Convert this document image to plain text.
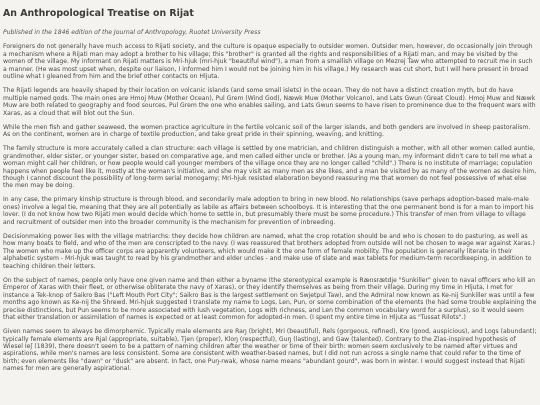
An Anthropological Treatise on Rijat

Published in the 1846 edition of the Journal of Anthropology, Ruotet University Press

Foreigners do not generally have much access to Rijati society, and the culture is opaque especially to outsider women. Outsider men, however, do occasionally join through a mechanism where a Rijati man may adopt a brother to his village; this "brother" is granted all the rights and responsibilities of a Rijati man, and may be visited by the women of the village. My informant on Rijati matters is Mri-hjuk (mri-hjuk "beautiful wind"), a man from a smallish village on Mezrej Taw who attempted to recruit me in such a manner. (He was most upset when, despite our liaison, I informed him I would not be joining him in his village.) My research was cut short, but I will here present in broad outline what I gleaned from him and the brief other contacts on Hljuta.

The Rijati legends are heavily shaped by their location on volcanic islands (and some small islets) in the ocean. They do not have a distinct creation myth, but do have multiple named gods. The main ones are Hmoj Muw (Mother Ocean), Pul Grem (Wind God), Næwk Muw (Mother Volcano), and Lats Gwun (Great Cloud). Hmoj Muw and Næwk Muw are both related to geography and food sources, Pul Grem the one who enables sailing, and Lats Gwun seems to have risen to prominence due to the frequent wars with Xaras, as a cloud that will blot out the Sun.

While the men fish and gather seaweed, the women practice agriculture in the fertile volcanic soil of the larger islands, and both genders are involved in sheep pastoralism. As on the continent, women are in charge of textile production, and take great pride in their spinning, weaving, and knitting.

The family structure is more accurately called a clan structure: each village is settled by one matrician, and children distinguish a mother, with all other women called auntie, grandmother, elder sister, or younger sister, based on comparative age, and men called either uncle or brother. (As a young man, my informant didn't care to tell me what a woman might call her children, or how people would call younger members of the village once they are no longer called "child".) There is no institute of marriage; copulation happens when people feel like it, mostly at the woman's initiative, and she may visit as many men as she likes, and a man be visited by as many of the women as desire him, though I cannot discount the possibility of long-term serial monogamy; Mri-hjuk resisted elaboration beyond reassuring me that women do not feel possessive of what else the men may be doing.

In any case, the primary kinship structure is through blood, and secondarily male adoption to bring in new blood. No relationships (save perhaps adoption-based male-male ones) involve a legal tie, meaning that they are all potentially as labile as affairs between schoolboys. It is interesting that the one permanent bond is for a man to import his lover. (I do not know how two Rijati men would decide which home to settle in, but presumably there must be some procedure.) This transfer of men from village to village and recruitment of outsider men into the broader community is the mechanism for prevention of inbreeding.

Decisionmaking power lies with the village matriarchs: they decide how children are named, what the crop rotation should be and who is chosen to do pasturing, as well as how many boats to field, and who of the men are conscripted to the navy. (I was reassured that brothers adopted from outside will not be chosen to wage war against Xaras.) The women who make up the officer corps are apparently volunteers, which would make it the one form of female mobility. The population is generally literate in their alphabetic system - Mri-hjuk was taught to read by his grandmother and elder uncles - and make use of slate and wax tablets for medium-term recordkeeping, in addition to teaching children their letters.

On the subject of names, people only have one given name and then either a byname (the stereotypical example is Rænsrætdje "Sunkiller" given to naval officers who kill an Emperor of Xaras with their fleet, or otherwise obliterate the navy of Xaras), or they identify themselves as being from their village. During my time in Hljuta, I met for instance a Tek-knop of Saikro Bas ("Left Mouth Port City"; Saikro Bas is the largest settlement on Swjetpul Taw), and the Admiral now known as Ke-nij Sunkiller was until a few months ago known as Ke-nij the Shrewd. Mri-hjuk suggested I translate my name to Logs, Len, Pun, or some combination of the elements (he had some trouble explaining the precise distinctions, but Pun seems to be more associated with lush vegetation, Logs with richness, and Len the common vocabulary word for a surplus), so it would seem that either translation or assimilation of names is expected or at least common for adopted-in men. (I spent my entire time in Hljuta as "Tussat Rilots".)

Given names seem to always be dimorphemic. Typically male elements are Raŋ (bright), Mri (beautiful), Rels (gorgeous, refined), Kre (good, auspicious), and Logs (abundant); typically female elements are Rjal (appropriate, suitable), Tjen (proper), Kloŋ (respectful), Guŋ (lasting), and Gaw (talented). Contrary to the Zlas-inspired hypothesis of Wiesel Ieʃ (1839), there doesn't seem to be a pattern of naming children after the weather or time of their birth: women seem exclusively to be named after virtues and aspirations, while men's names are less consistent. Some are consistent with weather-based names, but I did not run across a single name that could refer to the time of birth; even elements like "dawn" or "dusk" are absent. In fact, one Puŋ-rwak, whose name means "abundant gourd", was born in winter. I would suggest instead that Rijati names for men are generally aspirational.
